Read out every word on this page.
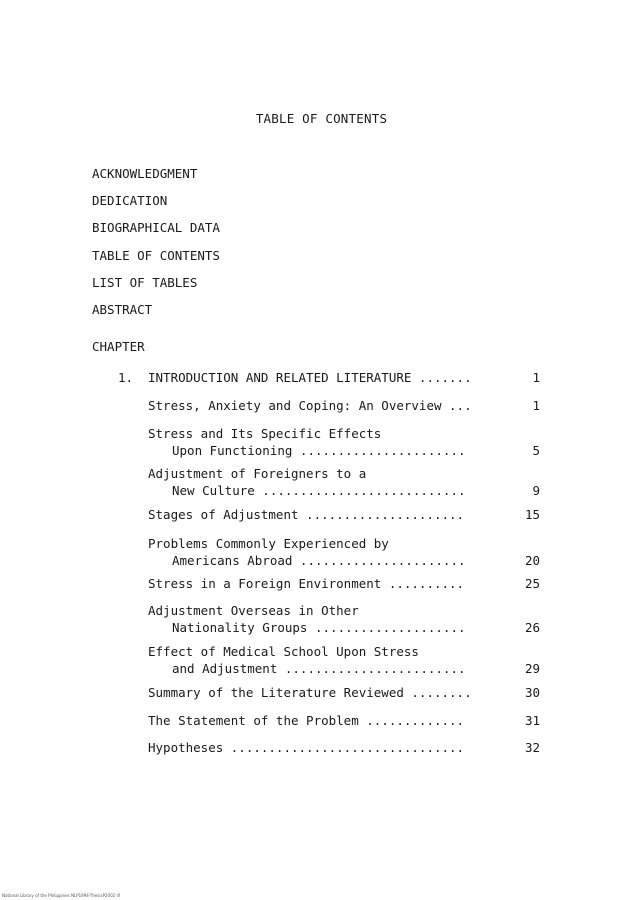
TABLE OF CONTENTS
ACKNOWLEDGMENT
DEDICATION
BIOGRAPHICAL DATA
TABLE OF CONTENTS
LIST OF TABLES
ABSTRACT
CHAPTER
1. INTRODUCTION AND RELATED LITERATURE .......	1
Stress, Anxiety and Coping: An Overview ...	1
Stress and Its Specific Effects
Upon Functioning ......................	5
Adjustment of Foreigners to a
New Culture ...........................	9
Stages of Adjustment .....................	15
Problems Commonly Experienced by
Americans Abroad ......................	20
Stress in a Foreign Environment ..........	25
Adjustment Overseas in Other
Nationality Groups ....................	26
Effect of Medical School Upon Stress
and Adjustment ........................	29
Summary of the Literature Reviewed ........	30
The Statement of the Problem .............	31
Hypotheses ...............................	32
National Library of the Philippines NLP1994-ThesisP2002 lif
